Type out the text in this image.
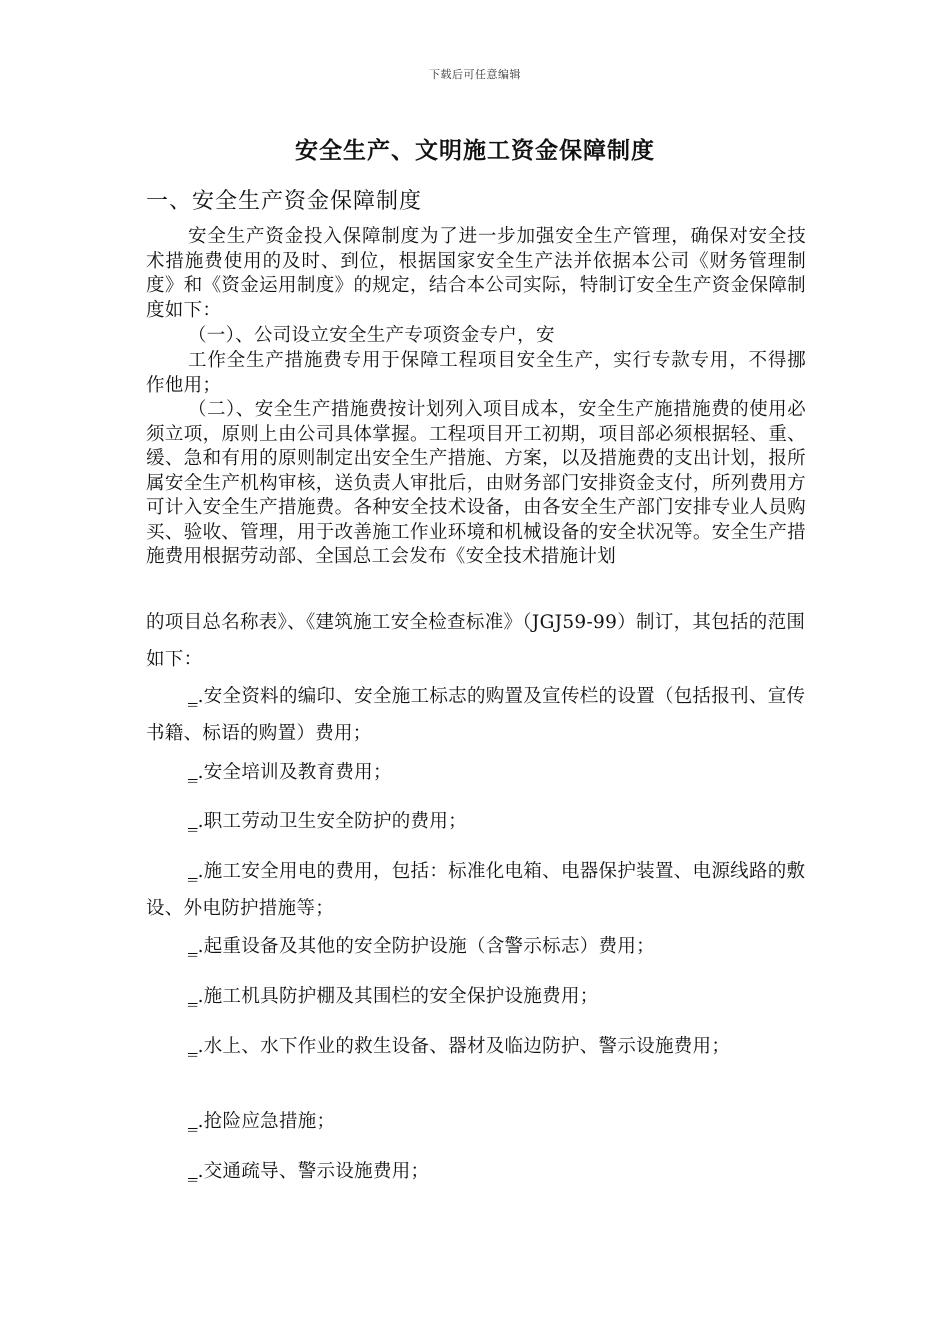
下载后可任意编辑
安全生产、文明施工资金保障制度
一、安全生产资金保障制度

安全生产资金投入保障制度为了进一步加强安全生产管理，确保对安全技术措施费使用的及时、到位，根据国家安全生产法并依据本公司《财务管理制度》和《资金运用制度》的规定，结合本公司实际，特制订安全生产资金保障制度如下：

（一）、公司设立安全生产专项资金专户，安

工作全生产措施费专用于保障工程项目安全生产，实行专款专用，不得挪作他用；

（二）、安全生产措施费按计划列入项目成本，安全生产施措施费的使用必须立项，原则上由公司具体掌握。工程项目开工初期，项目部必须根据轻、重、缓、急和有用的原则制定出安全生产措施、方案，以及措施费的支出计划，报所属安全生产机构审核，送负责人审批后，由财务部门安排资金支付，所列费用方可计入安全生产措施费。各种安全技术设备，由各安全生产部门安排专业人员购买、验收、管理，用于改善施工作业环境和机械设备的安全状况等。安全生产措施费用根据劳动部、全国总工会发布《安全技术措施计划

的项目总名称表》、《建筑施工安全检查标准》（JGJ59-99）制订，其包括的范围如下：

_.安全资料的编印、安全施工标志的购置及宣传栏的设置（包括报刊、宣传书籍、标语的购置）费用；

_.安全培训及教育费用；

_.职工劳动卫生安全防护的费用；

_.施工安全用电的费用，包括：标准化电箱、电器保护装置、电源线路的敷设、外电防护措施等；

_.起重设备及其他的安全防护设施（含警示标志）费用；

_.施工机具防护棚及其围栏的安全保护设施费用；

_.水上、水下作业的救生设备、器材及临边防护、警示设施费用；

_.抢险应急措施；

_.交通疏导、警示设施费用；
